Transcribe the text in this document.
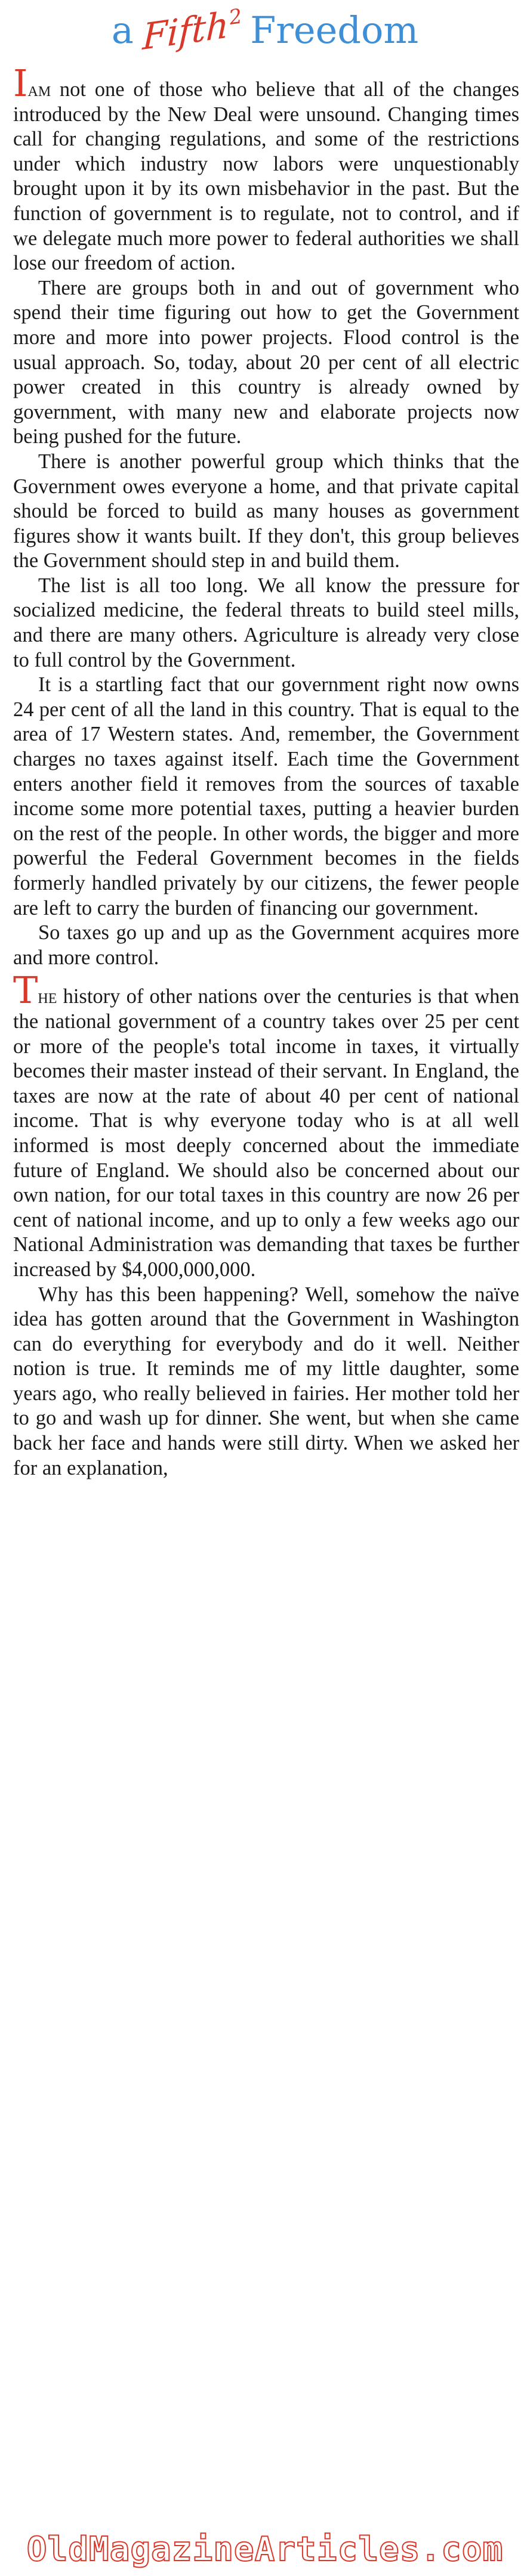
a Fifth$^2$ Freedom

Iam not one of those who believe that all of the changes introduced by the New Deal were unsound. Changing times call for changing regulations, and some of the restrictions under which industry now labors were unquestionably brought upon it by its own misbehavior in the past. But the function of government is to regulate, not to control, and if we delegate much more power to federal authorities we shall lose our freedom of action.

There are groups both in and out of government who spend their time figuring out how to get the Government more and more into power projects. Flood control is the usual approach. So, today, about 20 per cent of all electric power created in this country is already owned by government, with many new and elaborate projects now being pushed for the future.

There is another powerful group which thinks that the Government owes everyone a home, and that private capital should be forced to build as many houses as government figures show it wants built. If they don't, this group believes the Government should step in and build them.

The list is all too long. We all know the pressure for socialized medicine, the federal threats to build steel mills, and there are many others. Agriculture is already very close to full control by the Government.

It is a startling fact that our government right now owns 24 per cent of all the land in this country. That is equal to the area of 17 Western states. And, remember, the Government charges no taxes against itself. Each time the Government enters another field it removes from the sources of taxable income some more potential taxes, putting a heavier burden on the rest of the people. In other words, the bigger and more powerful the Federal Government becomes in the fields formerly handled privately by our citizens, the fewer people are left to carry the burden of financing our government.

So taxes go up and up as the Government acquires more and more control.

The history of other nations over the centuries is that when the national government of a country takes over 25 per cent or more of the people's total income in taxes, it virtually becomes their master instead of their servant. In England, the taxes are now at the rate of about 40 per cent of national income. That is why everyone today who is at all well informed is most deeply concerned about the immediate future of England. We should also be concerned about our own nation, for our total taxes in this country are now 26 per cent of national income, and up to only a few weeks ago our National Administration was demanding that taxes be further increased by $4,000,000,000.

Why has this been happening? Well, somehow the naïve idea has gotten around that the Government in Washington can do everything for everybody and do it well. Neither notion is true. It reminds me of my little daughter, some years ago, who really believed in fairies. Her mother told her to go and wash up for dinner. She went, but when she came back her face and hands were still dirty. When we asked her for an explanation,

OldMagazineArticles.com
